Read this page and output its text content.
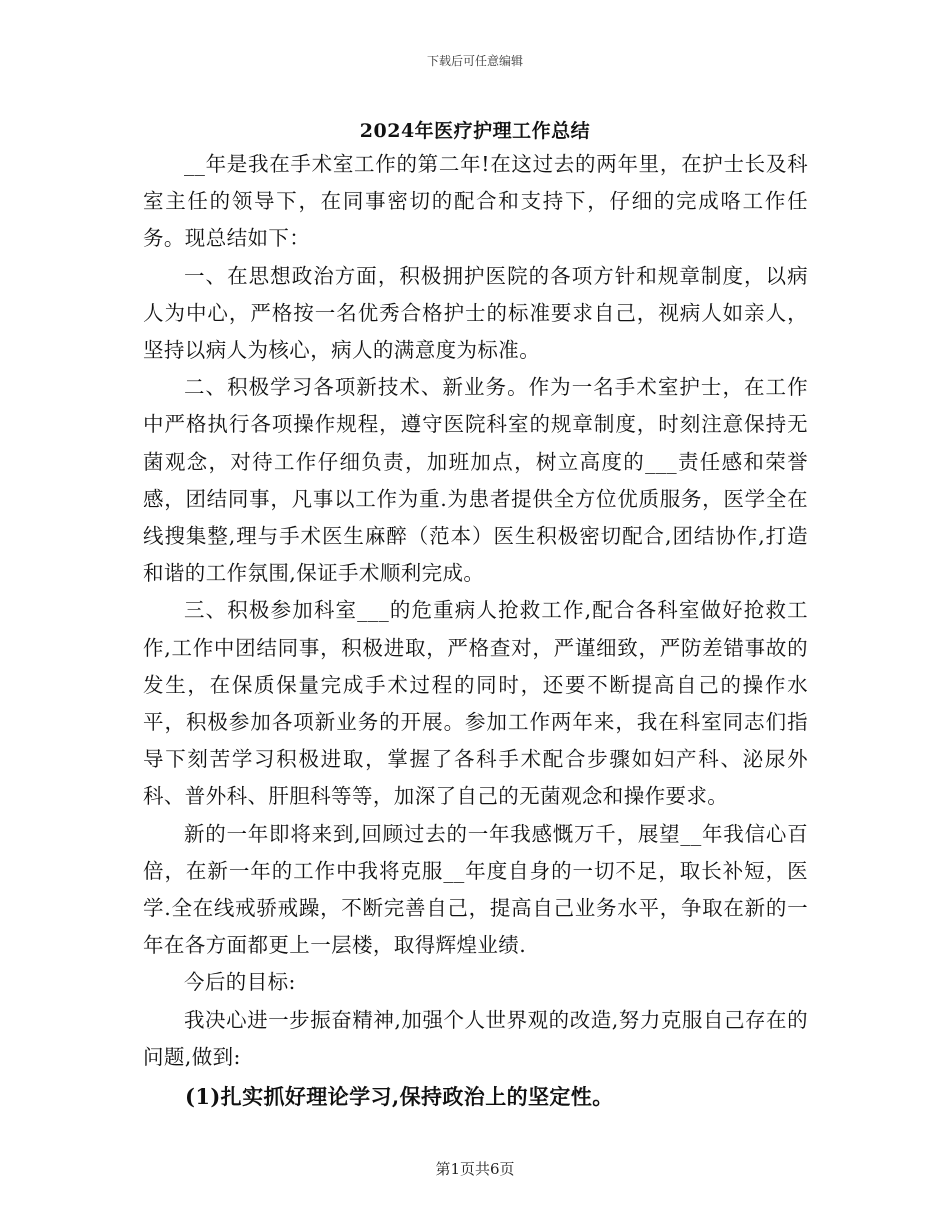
下载后可任意编辑
2024年医疗护理工作总结

__年是我在手术室工作的第二年!在这过去的两年里，在护士长及科室主任的领导下，在同事密切的配合和支持下，仔细的完成咯工作任务。现总结如下：

一、在思想政治方面，积极拥护医院的各项方针和规章制度，以病人为中心，严格按一名优秀合格护士的标准要求自己，视病人如亲人，坚持以病人为核心，病人的满意度为标准。

二、积极学习各项新技术、新业务。作为一名手术室护士，在工作中严格执行各项操作规程，遵守医院科室的规章制度，时刻注意保持无菌观念，对待工作仔细负责，加班加点，树立高度的___责任感和荣誉感，团结同事，凡事以工作为重.为患者提供全方位优质服务，医学全在线搜集整,理与手术医生麻醉（范本）医生积极密切配合,团结协作,打造和谐的工作氛围,保证手术顺利完成。

三、积极参加科室___的危重病人抢救工作,配合各科室做好抢救工作,工作中团结同事，积极进取，严格查对，严谨细致，严防差错事故的发生，在保质保量完成手术过程的同时，还要不断提高自己的操作水平，积极参加各项新业务的开展。参加工作两年来，我在科室同志们指导下刻苦学习积极进取，掌握了各科手术配合步骤如妇产科、泌尿外科、普外科、肝胆科等等，加深了自己的无菌观念和操作要求。

新的一年即将来到,回顾过去的一年我感慨万千，展望__年我信心百倍，在新一年的工作中我将克服__年度自身的一切不足，取长补短，医学.全在线戒骄戒躁，不断完善自己，提高自己业务水平，争取在新的一年在各方面都更上一层楼，取得辉煌业绩.

今后的目标:

我决心进一步振奋精神,加强个人世界观的改造,努力克服自己存在的问题,做到:

(1)扎实抓好理论学习,保持政治上的坚定性。

第1页共6页
